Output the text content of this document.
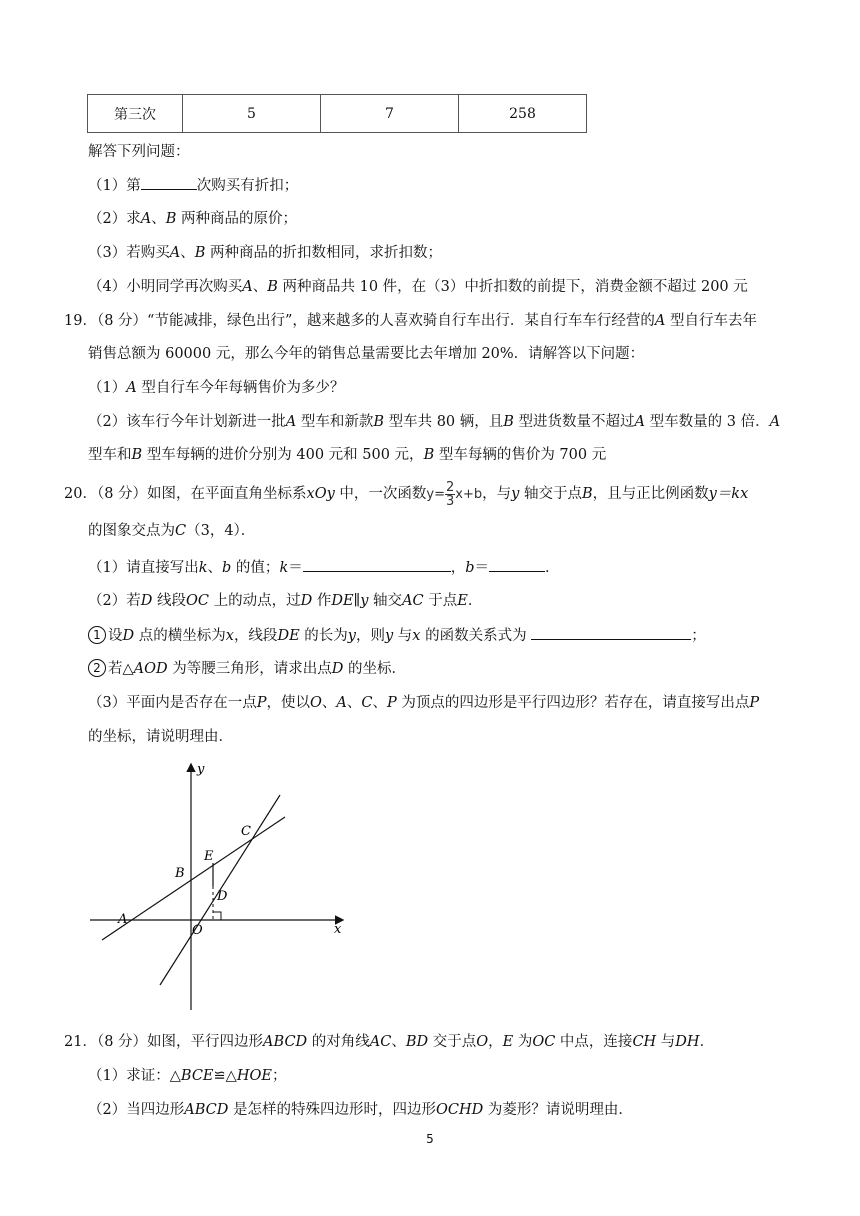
第三次	5	7	258
解答下列问题：
（1）第	次购买有折扣；
（2）求A、B 两种商品的原价；
（3）若购买A、B 两种商品的折扣数相同，求折扣数；
（4）小明同学再次购买A、B 两种商品共 10 件，在（3）中折扣数的前提下，消费金额不超过 200 元
19．（8 分）“节能减排，绿色出行”，越来越多的人喜欢骑自行车出行．某自行车车行经营的A 型自行车去年
销售总额为 60000 元，那么今年的销售总量需要比去年增加 20%．请解答以下问题：
（1）A 型自行车今年每辆售价为多少？
（2）该车行今年计划新进一批A 型车和新款B 型车共 80 辆，且B 型进货数量不超过A 型车数量的 3 倍．A
型车和B 型车每辆的进价分别为 400 元和 500 元，B 型车每辆的售价为 700 元
20．（8 分）如图，在平面直角坐标系xOy 中，一次函数$y= \frac{2}{3} x+b$，与y 轴交于点B，且与正比例函数y＝kx
的图象交点为C（3，4）．
（1）请直接写出k、b 的值；k＝	，b＝	．
（2）若D 线段OC 上的动点，过D 作DE∥y 轴交AC 于点E．
1 设D 点的横坐标为x，线段DE 的长为y，则y 与x 的函数关系式为	；
2 若△AOD 为等腰三角形，请求出点D 的坐标．
（3）平面内是否存在一点P，使以O、A、C、P 为顶点的四边形是平行四边形？若存在，请直接写出点P
的坐标，请说明理由．
y
x
O
A
B
C
D
E
21．（8 分）如图，平行四边形ABCD 的对角线AC、BD 交于点O，E 为OC 中点，连接CH 与DH．
（1）求证：△BCE≌△HOE；
（2）当四边形ABCD 是怎样的特殊四边形时，四边形OCHD 为菱形？请说明理由．
5
